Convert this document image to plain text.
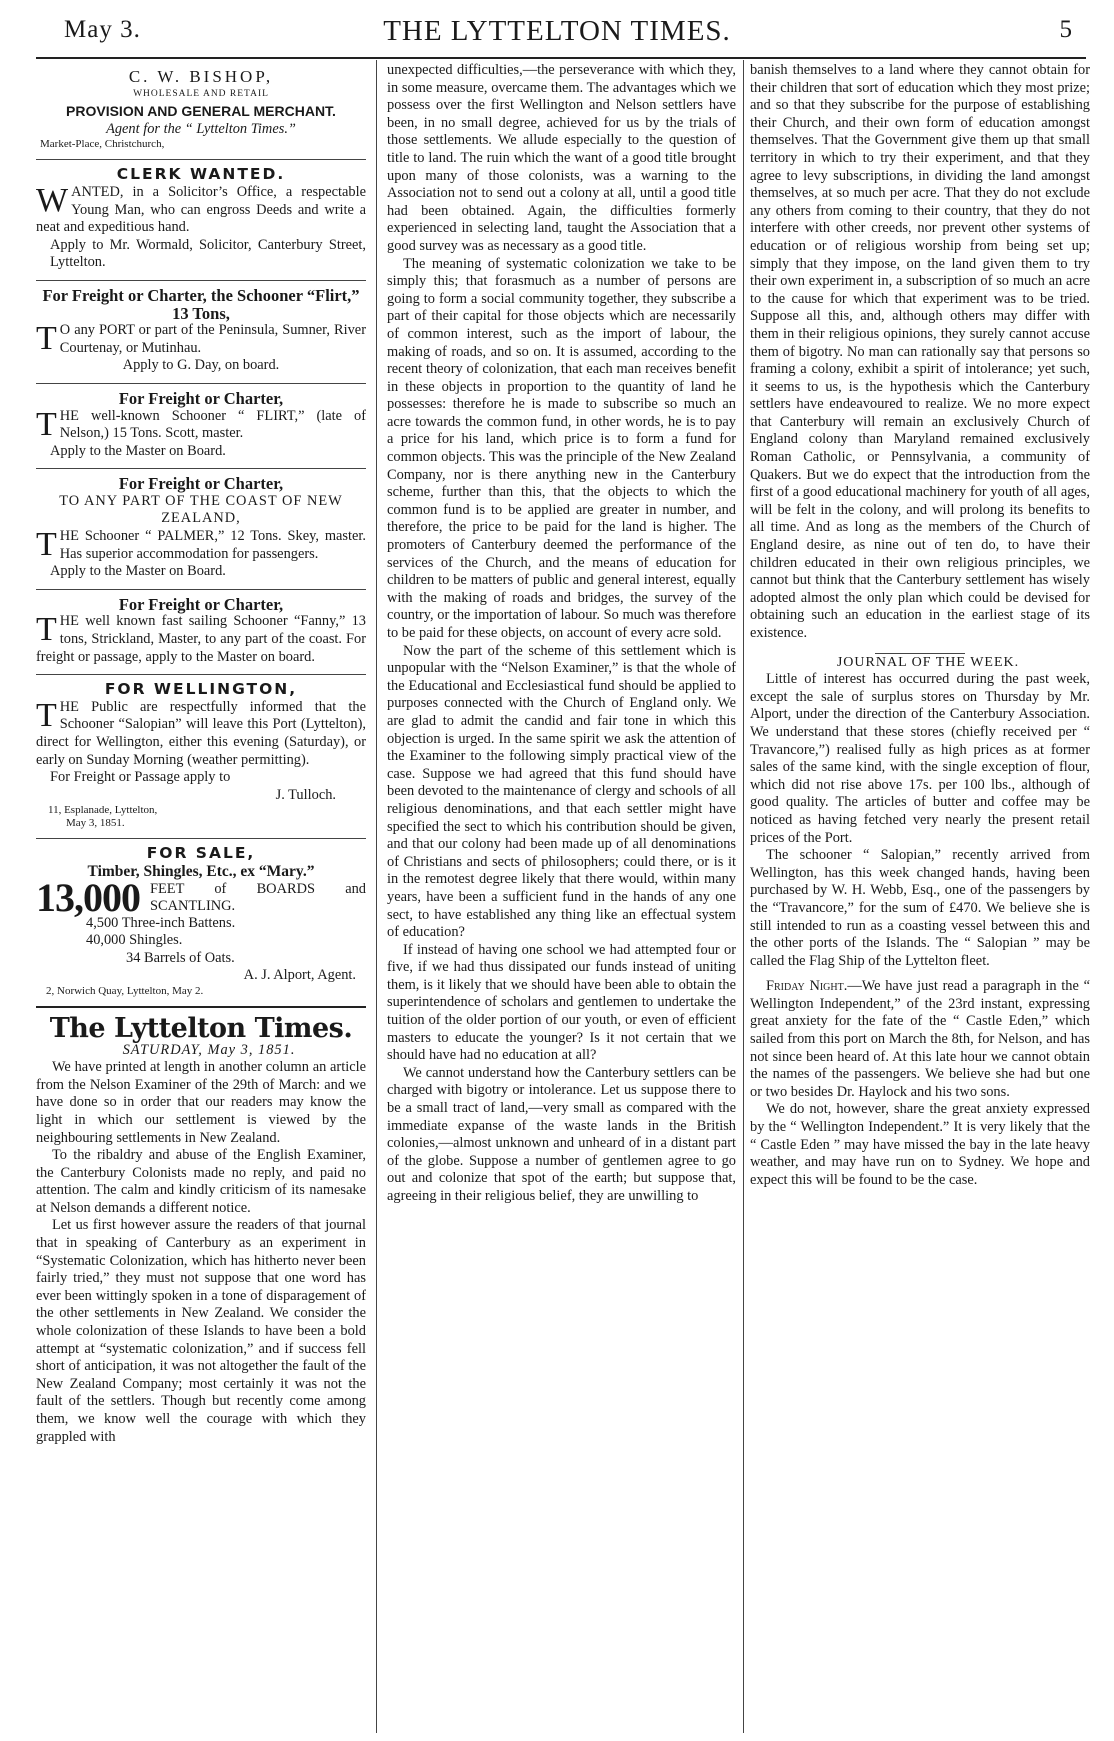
May 3.	THE LYTTELTON TIMES.	5

C. W. BISHOP,

WHOLESALE AND RETAIL

PROVISION AND GENERAL MERCHANT.

Agent for the “ Lyttelton Times.”

Market-Place, Christchurch,

CLERK WANTED.

WANTED, in a Solicitor’s Office, a respectable Young Man, who can engross Deeds and write a neat and expeditious hand.

Apply to Mr. Wormald, Solicitor, Canterbury Street, Lyttelton.

For Freight or Charter, the Schooner “Flirt,” 13 Tons,

T O any PORT or part of the Peninsula, Sumner, River Courtenay, or Mutinhau.

Apply to G. Day, on board.

For Freight or Charter,

THE well-known Schooner “ FLIRT,” (late of Nelson,) 15 Tons. Scott, master.

Apply to the Master on Board.

For Freight or Charter,

TO ANY PART OF THE COAST OF NEW ZEALAND,

THE Schooner “ PALMER,” 12 Tons. Skey, master. Has superior accommodation for passengers.

Apply to the Master on Board.

For Freight or Charter,

THE well known fast sailing Schooner “Fanny,” 13 tons, Strickland, Master, to any part of the coast. For freight or passage, apply to the Master on board.

FOR WELLINGTON,

THE Public are respectfully informed that the Schooner “Salopian” will leave this Port (Lyttelton), direct for Wellington, either this evening (Saturday), or early on Sunday Morning (weather permitting).

For Freight or Passage apply to

J. Tulloch.

11, Esplanade, Lyttelton,

May 3, 1851.

FOR SALE,

Timber, Shingles, Etc., ex “Mary.”

13,000 FEET of BOARDS and SCANTLING.

4,500 Three-inch Battens.

40,000 Shingles.

34 Barrels of Oats.

A. J. Alport, Agent.

2, Norwich Quay, Lyttelton, May 2.

The Lyttelton Times.

SATURDAY, May 3, 1851.

We have printed at length in another column an article from the Nelson Examiner of the 29th of March: and we have done so in order that our readers may know the light in which our settlement is viewed by the neighbouring settlements in New Zealand.

To the ribaldry and abuse of the English Examiner, the Canterbury Colonists made no reply, and paid no attention. The calm and kindly criticism of its namesake at Nelson demands a different notice.

Let us first however assure the readers of that journal that in speaking of Canterbury as an experiment in “Systematic Colonization, which has hitherto never been fairly tried,” they must not suppose that one word has ever been wittingly spoken in a tone of disparagement of the other settlements in New Zealand. We consider the whole colonization of these Islands to have been a bold attempt at “systematic colonization,” and if success fell short of anticipation, it was not altogether the fault of the New Zealand Company; most certainly it was not the fault of the settlers. Though but recently come among them, we know well the courage with which they grappled with

unexpected difficulties,—the perseverance with which they, in some measure, overcame them. The advantages which we possess over the first Wellington and Nelson settlers have been, in no small degree, achieved for us by the trials of those settlements. We allude especially to the question of title to land. The ruin which the want of a good title brought upon many of those colonists, was a warning to the Association not to send out a colony at all, until a good title had been obtained. Again, the difficulties formerly experienced in selecting land, taught the Association that a good survey was as necessary as a good title.

The meaning of systematic colonization we take to be simply this; that forasmuch as a number of persons are going to form a social community together, they subscribe a part of their capital for those objects which are necessarily of common interest, such as the import of labour, the making of roads, and so on. It is assumed, according to the recent theory of colonization, that each man receives benefit in these objects in proportion to the quantity of land he possesses: therefore he is made to subscribe so much an acre towards the common fund, in other words, he is to pay a price for his land, which price is to form a fund for common objects. This was the principle of the New Zealand Company, nor is there anything new in the Canterbury scheme, further than this, that the objects to which the common fund is to be applied are greater in number, and therefore, the price to be paid for the land is higher. The promoters of Canterbury deemed the performance of the services of the Church, and the means of education for children to be matters of public and general interest, equally with the making of roads and bridges, the survey of the country, or the importation of labour. So much was therefore to be paid for these objects, on account of every acre sold.

Now the part of the scheme of this settlement which is unpopular with the “Nelson Examiner,” is that the whole of the Educational and Ecclesiastical fund should be applied to purposes connected with the Church of England only. We are glad to admit the candid and fair tone in which this objection is urged. In the same spirit we ask the attention of the Examiner to the following simply practical view of the case. Suppose we had agreed that this fund should have been devoted to the maintenance of clergy and schools of all religious denominations, and that each settler might have specified the sect to which his contribution should be given, and that our colony had been made up of all denominations of Christians and sects of philosophers; could there, or is it in the remotest degree likely that there would, within many years, have been a sufficient fund in the hands of any one sect, to have established any thing like an effectual system of education?

If instead of having one school we had attempted four or five, if we had thus dissipated our funds instead of uniting them, is it likely that we should have been able to obtain the superintendence of scholars and gentlemen to undertake the tuition of the older portion of our youth, or even of efficient masters to educate the younger? Is it not certain that we should have had no education at all?

We cannot understand how the Canterbury settlers can be charged with bigotry or intolerance. Let us suppose there to be a small tract of land,—very small as compared with the immediate expanse of the waste lands in the British colonies,—almost unknown and unheard of in a distant part of the globe. Suppose a number of gentlemen agree to go out and colonize that spot of the earth; but suppose that, agreeing in their religious belief, they are unwilling to

banish themselves to a land where they cannot obtain for their children that sort of education which they most prize; and so that they subscribe for the purpose of establishing their Church, and their own form of education amongst themselves. That the Government give them up that small territory in which to try their experiment, and that they agree to levy subscriptions, in dividing the land amongst themselves, at so much per acre. That they do not exclude any others from coming to their country, that they do not interfere with other creeds, nor prevent other systems of education or of religious worship from being set up; simply that they impose, on the land given them to try their own experiment in, a subscription of so much an acre to the cause for which that experiment was to be tried. Suppose all this, and, although others may differ with them in their religious opinions, they surely cannot accuse them of bigotry. No man can rationally say that persons so framing a colony, exhibit a spirit of intolerance; yet such, it seems to us, is the hypothesis which the Canterbury settlers have endeavoured to realize. We no more expect that Canterbury will remain an exclusively Church of England colony than Maryland remained exclusively Roman Catholic, or Pennsylvania, a community of Quakers. But we do expect that the introduction from the first of a good educational machinery for youth of all ages, will be felt in the colony, and will prolong its benefits to all time. And as long as the members of the Church of England desire, as nine out of ten do, to have their children educated in their own religious principles, we cannot but think that the Canterbury settlement has wisely adopted almost the only plan which could be devised for obtaining such an education in the earliest stage of its existence.

JOURNAL OF THE WEEK.

Little of interest has occurred during the past week, except the sale of surplus stores on Thursday by Mr. Alport, under the direction of the Canterbury Association. We understand that these stores (chiefly received per “ Travancore,”) realised fully as high prices as at former sales of the same kind, with the single exception of flour, which did not rise above 17s. per 100 lbs., although of good quality. The articles of butter and coffee may be noticed as having fetched very nearly the present retail prices of the Port.

The schooner “ Salopian,” recently arrived from Wellington, has this week changed hands, having been purchased by W. H. Webb, Esq., one of the passengers by the “Travancore,” for the sum of £470. We believe she is still intended to run as a coasting vessel between this and the other ports of the Islands. The “ Salopian ” may be called the Flag Ship of the Lyttelton fleet.

Friday Night.—We have just read a paragraph in the “ Wellington Independent,” of the 23rd instant, expressing great anxiety for the fate of the “ Castle Eden,” which sailed from this port on March the 8th, for Nelson, and has not since been heard of. At this late hour we cannot obtain the names of the passengers. We believe she had but one or two besides Dr. Haylock and his two sons.

We do not, however, share the great anxiety expressed by the “ Wellington Independent.” It is very likely that the “ Castle Eden ” may have missed the bay in the late heavy weather, and may have run on to Sydney. We hope and expect this will be found to be the case.
